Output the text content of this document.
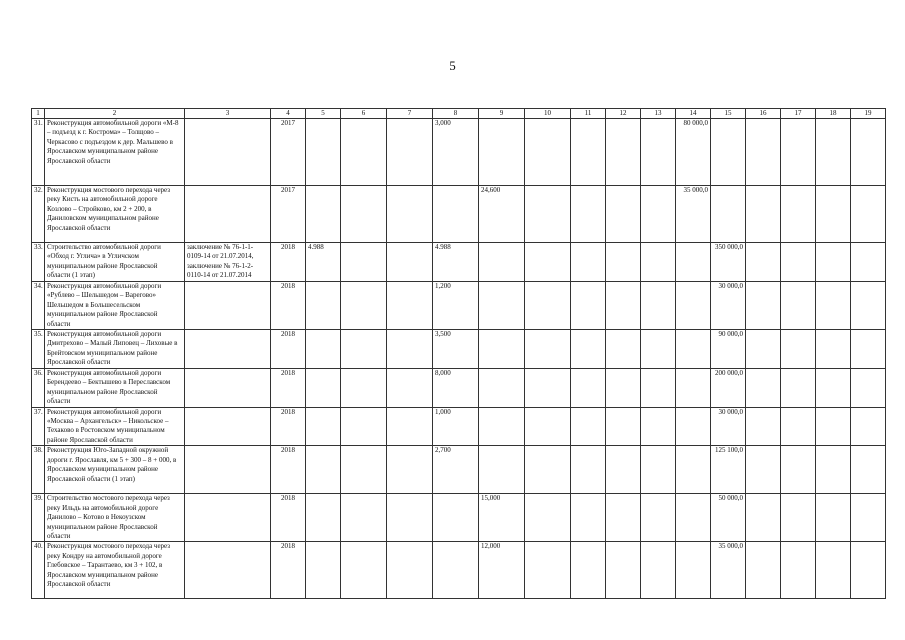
5
1	2	3	4	5	6	7	8	9	10	11	12	13	14	15	16	17	18	19
31.	Реконструкция автомобильной дороги «М-8 – подъезд к г. Кострома» – Толщово – Черкасово с подъездом к дер. Мальшево в Ярославском муниципальном районе Ярославской области		2017				3,000						80 000,0					
32.	Реконструкция мостового перехода через реку Кисть на автомобильной дороге Козлово – Стройково, км 2 + 200, в Даниловском муниципальном районе Ярославской области		2017					24,600					35 000,0					
33.	Строительство автомобильной дороги «Обход г. Углича» в Угличском муниципальном районе Ярославской области (1 этап)	заключение № 76-1-1-0109-14 от 21.07.2014, заключение № 76-1-2-0110-14 от 21.07.2014	2018	4.988			4.988							350 000,0				
34.	Реконструкция автомобильной дороги «Рублево – Шельшедом – Варегово» Шельшедом в Большесельском муниципальном районе Ярославской области		2018				1,200							30 000,0				
35.	Реконструкция автомобильной дороги Дмитрехово – Малый Липовец – Лиховые в Брейтовском муниципальном районе Ярославской области		2018				3,500							90 000,0				
36.	Реконструкция автомобильной дороги Берендеево – Бектышево в Переславском муниципальном районе Ярославской области		2018				8,000							200 000,0				
37.	Реконструкция автомобильной дороги «Москва – Архангельск» – Никольское – Техаково в Ростовском муниципальном районе Ярославской области		2018				1,000							30 000,0				
38.	Реконструкция Юго-Западной окружной дороги г. Ярославля, км 5 + 300 – 8 + 000, в Ярославском муниципальном районе Ярославской области (1 этап)		2018				2,700							125 100,0				
39.	Строительство мостового перехода через реку Ильдь на автомобильной дороге Данилово – Котово в Некоузском муниципальном районе Ярославской области		2018					15,000						50 000,0				
40.	Реконструкция мостового перехода через реку Кондру на автомобильной дороге Глебовское – Тарантаево, км 3 + 102, в Ярославском муниципальном районе Ярославской области		2018					12,000						35 000,0				
